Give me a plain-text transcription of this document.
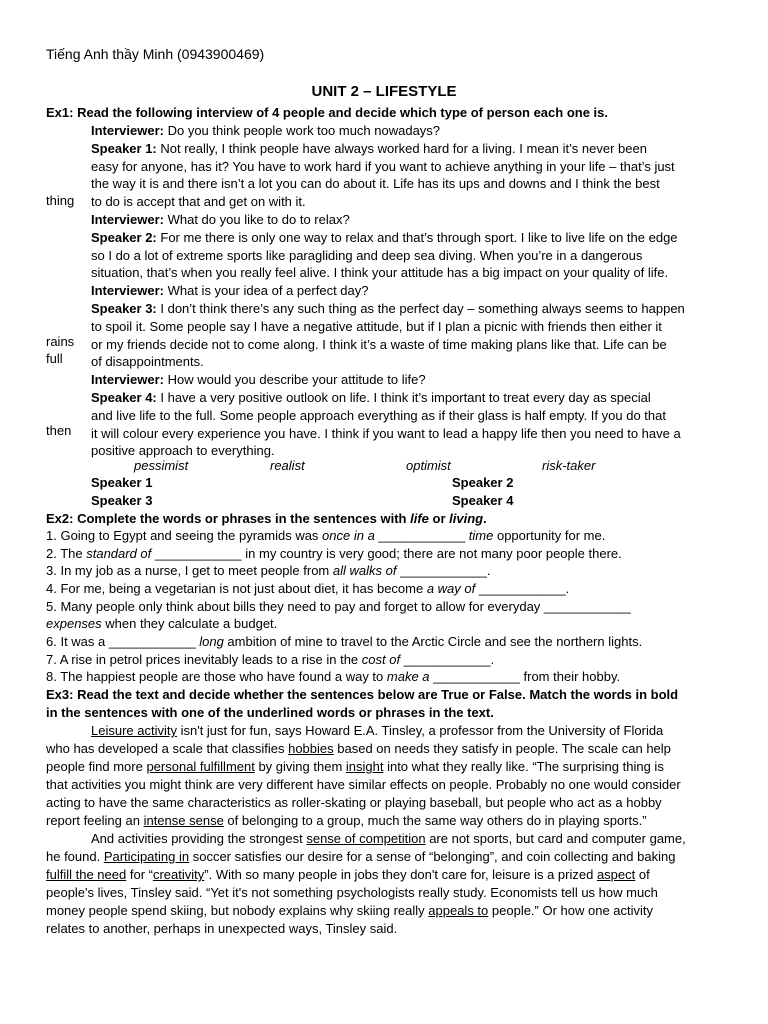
Tiếng Anh thầy Minh (0943900469)
UNIT 2 – LIFESTYLE
Ex1: Read the following interview of 4 people and decide which type of person each one is.
Interviewer: Do you think people work too much nowadays?
Speaker 1: Not really, I think people have always worked hard for a living. I mean it’s never been
easy for anyone, has it? You have to work hard if you want to achieve anything in your life – that’s just
the way it is and there isn’t a lot you can do about it. Life has its ups and downs and I think the best
to do is accept that and get on with it.
Interviewer: What do you like to do to relax?
Speaker 2: For me there is only one way to relax and that’s through sport. I like to live life on the edge
so I do a lot of extreme sports like paragliding and deep sea diving. When you’re in a dangerous
situation, that’s when you really feel alive. I think your attitude has a big impact on your quality of life.
Interviewer: What is your idea of a perfect day?
Speaker 3: I don’t think there’s any such thing as the perfect day – something always seems to happen
to spoil it. Some people say I have a negative attitude, but if I plan a picnic with friends then either it
or my friends decide not to come along. I think it’s a waste of time making plans like that. Life can be
of disappointments.
Interviewer: How would you describe your attitude to life?
Speaker 4: I have a very positive outlook on life. I think it’s important to treat every day as special
and live life to the full. Some people approach everything as if their glass is half empty. If you do that
it will colour every experience you have. I think if you want to lead a happy life then you need to have a
positive approach to everything.
thing
rains
full
then
pessimist	realist	optimist	risk-taker
Speaker 1	Speaker 2
Speaker 3	Speaker 4
Ex2: Complete the words or phrases in the sentences with life or living.
1. Going to Egypt and seeing the pyramids was once in a ____________ time opportunity for me.
2. The standard of ____________ in my country is very good; there are not many poor people there.
3. In my job as a nurse, I get to meet people from all walks of ____________.
4. For me, being a vegetarian is not just about diet, it has become a way of ____________.
5. Many people only think about bills they need to pay and forget to allow for everyday ____________
expenses when they calculate a budget.
6. It was a ____________ long ambition of mine to travel to the Arctic Circle and see the northern lights.
7. A rise in petrol prices inevitably leads to a rise in the cost of ____________.
8. The happiest people are those who have found a way to make a ____________ from their hobby.
Ex3: Read the text and decide whether the sentences below are True or False. Match the words in bold
in the sentences with one of the underlined words or phrases in the text.
Leisure activity isn't just for fun, says Howard E.A. Tinsley, a professor from the University of Florida
who has developed a scale that classifies hobbies based on needs they satisfy in people. The scale can help
people find more personal fulfillment by giving them insight into what they really like. “The surprising thing is
that activities you might think are very different have similar effects on people. Probably no one would consider
acting to have the same characteristics as roller-skating or playing baseball, but people who act as a hobby
report feeling an intense sense of belonging to a group, much the same way others do in playing sports.”
And activities providing the strongest sense of competition are not sports, but card and computer game,
he found. Participating in soccer satisfies our desire for a sense of “belonging”, and coin collecting and baking
fulfill the need for “creativity”. With so many people in jobs they don't care for, leisure is a prized aspect of
people's lives, Tinsley said. “Yet it's not something psychologists really study. Economists tell us how much
money people spend skiing, but nobody explains why skiing really appeals to people.” Or how one activity
relates to another, perhaps in unexpected ways, Tinsley said.
